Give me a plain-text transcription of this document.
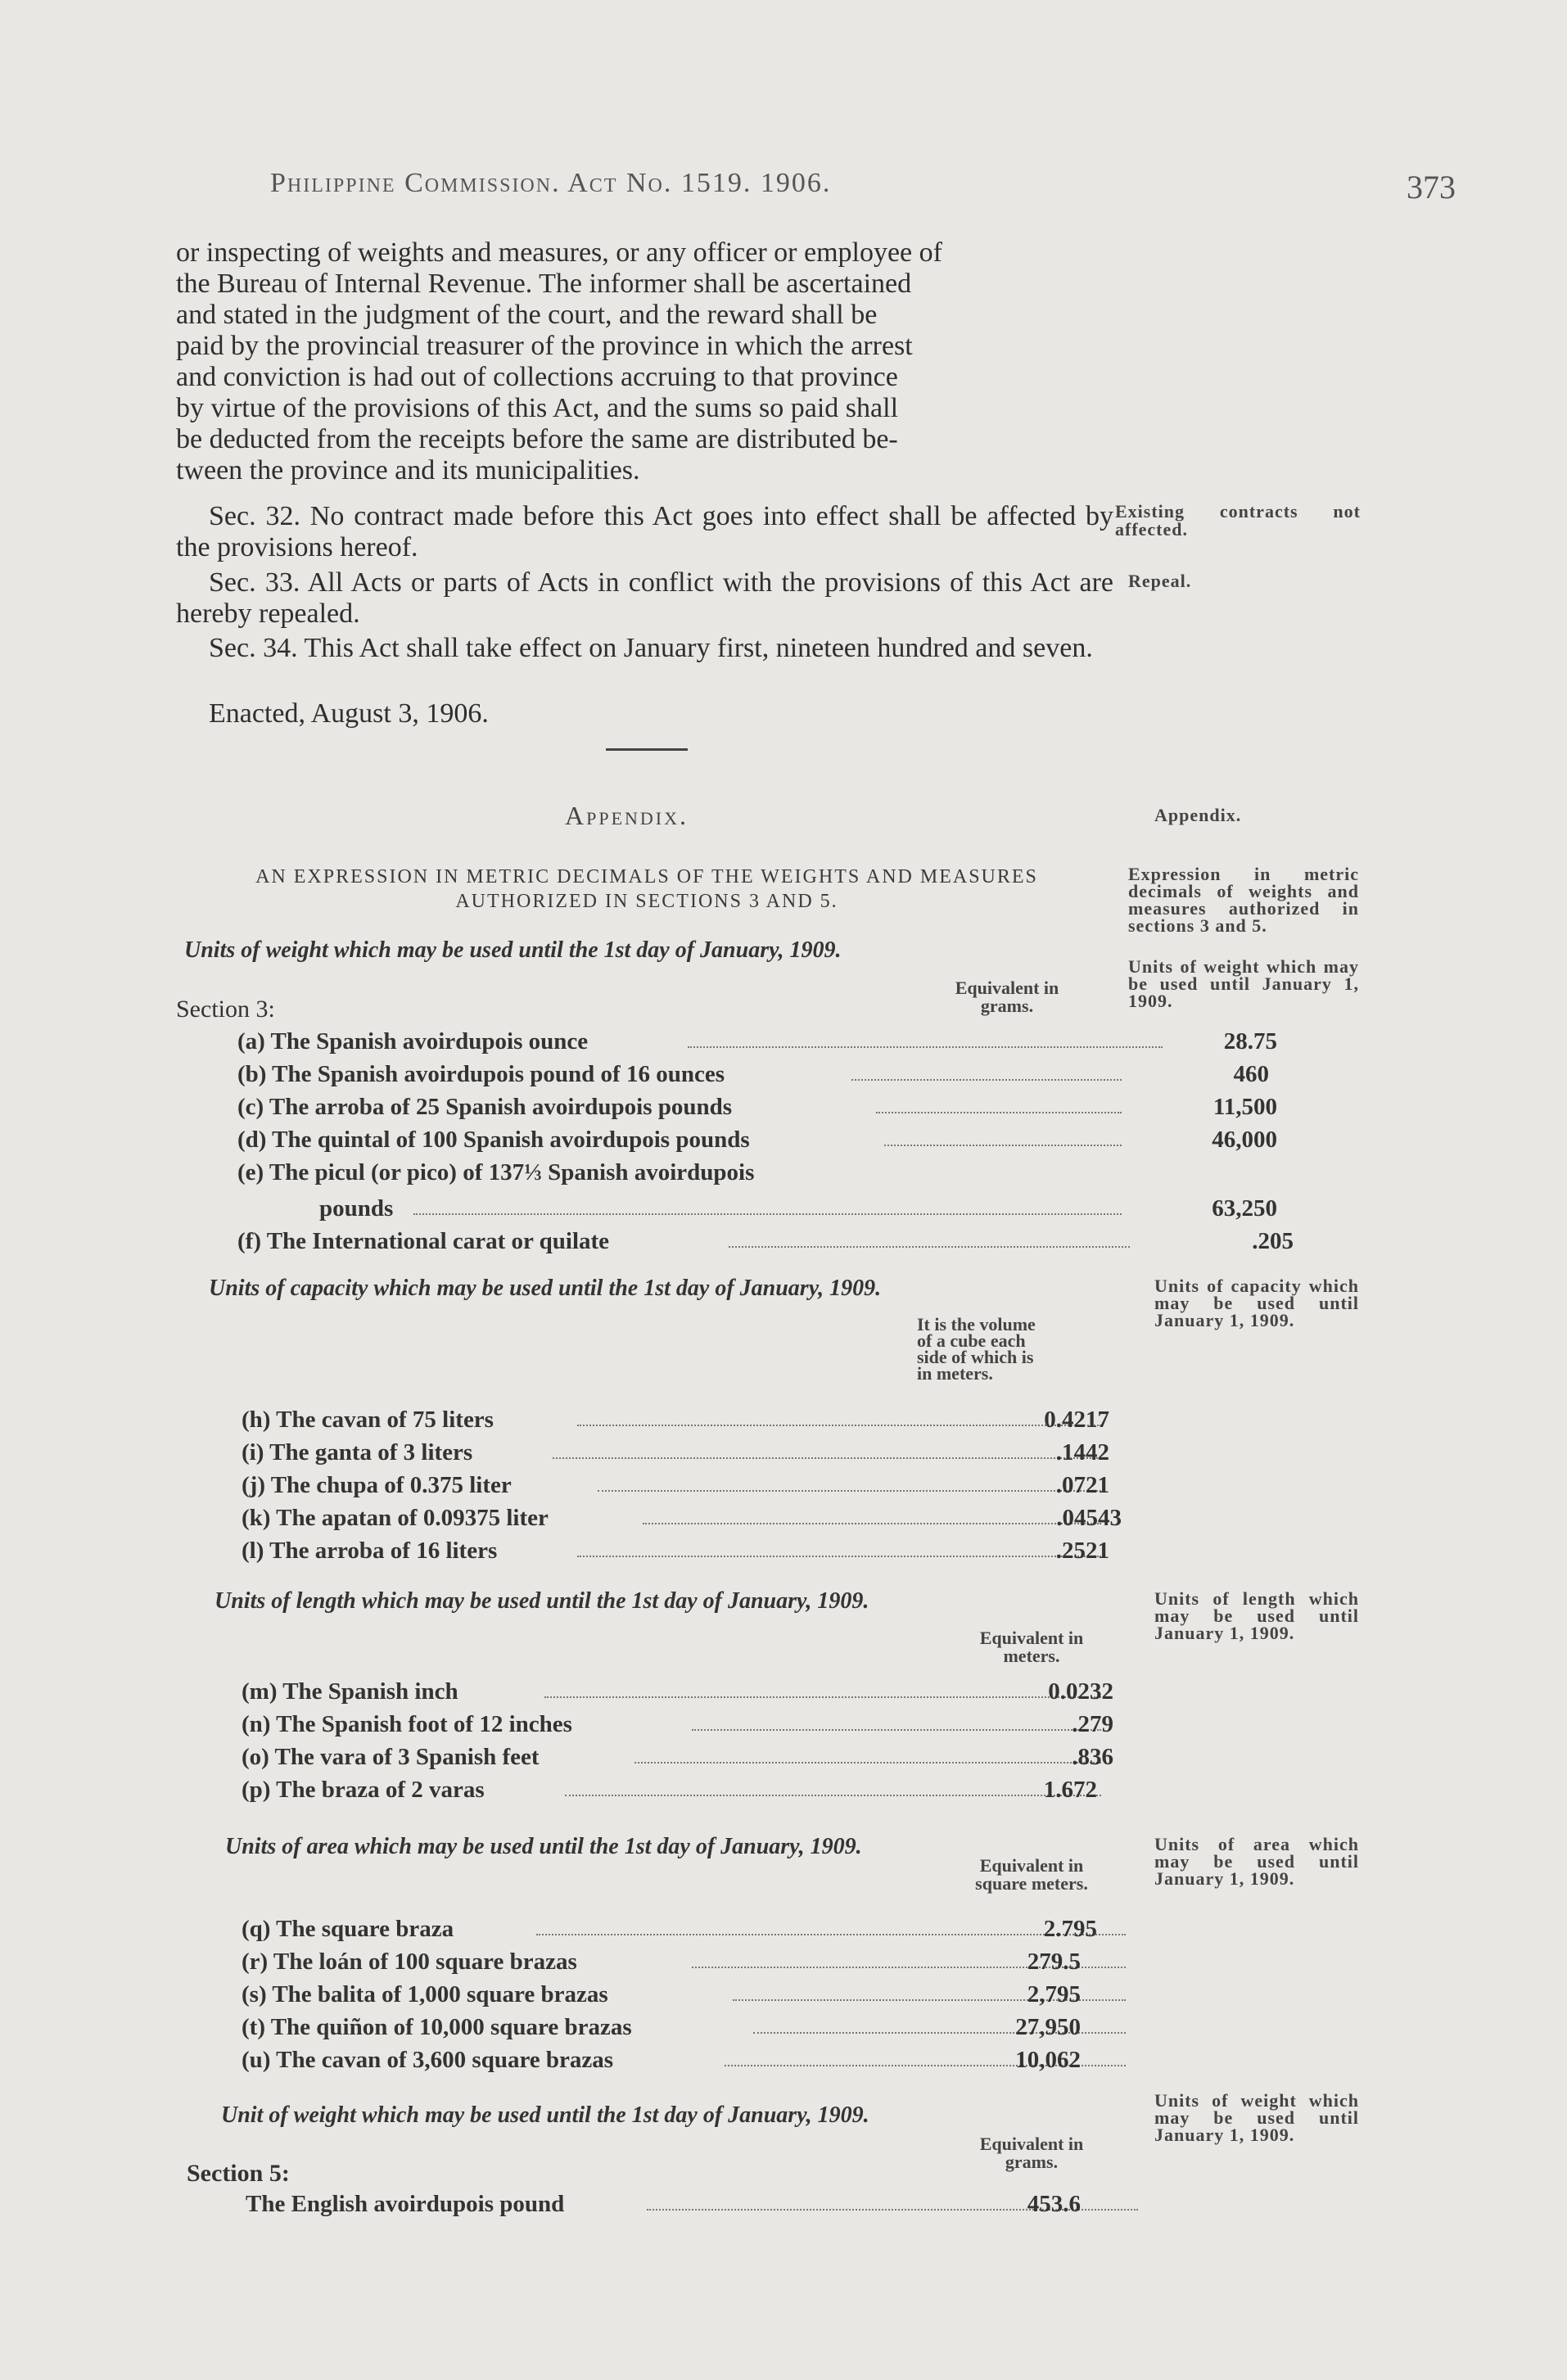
Philippine Commission. Act No. 1519. 1906.	373

or inspecting of weights and measures, or any officer or employee of

the Bureau of Internal Revenue. The informer shall be ascertained

and stated in the judgment of the court, and the reward shall be

paid by the provincial treasurer of the province in which the arrest

and conviction is had out of collections accruing to that province

by virtue of the provisions of this Act, and the sums so paid shall

be deducted from the receipts before the same are distributed be-

tween the province and its municipalities.

Sec. 32. No contract made before this Act goes into effect shall be affected by the provisions hereof.

Sec. 33. All Acts or parts of Acts in conflict with the provisions of this Act are hereby repealed.

Sec. 34. This Act shall take effect on January first, nineteen hundred and seven.

Enacted, August 3, 1906.

Existing contracts not affected.
Repeal.
Appendix.	Appendix.
AN EXPRESSION IN METRIC DECIMALS OF THE WEIGHTS AND MEASURES
AUTHORIZED IN SECTIONS 3 AND 5.
Expression in metric decimals of weights and measures authorized in sections 3 and 5.
Units of weight which may be used until January 1, 1909.
Units of weight which may be used until the 1st day of January, 1909.
Equivalent in
grams.
Section 3:
(a) The Spanish avoirdupois ounce	28.75
(b) The Spanish avoirdupois pound of 16 ounces	460
(c) The arroba of 25 Spanish avoirdupois pounds	11,500
(d) The quintal of 100 Spanish avoirdupois pounds	46,000
(e) The picul (or pico) of 137⅓ Spanish avoirdupois
pounds	63,250
(f) The International carat or quilate	.205
Units of capacity which may be used until the 1st day of January, 1909.	Units of capacity which may be used until January 1, 1909.
It is the volume
of a cube each
side of which is
in meters.
(h) The cavan of 75 liters	0.4217
(i) The ganta of 3 liters	.1442
(j) The chupa of 0.375 liter	.0721
(k) The apatan of 0.09375 liter	.04543
(l) The arroba of 16 liters	.2521
Units of length which may be used until the 1st day of January, 1909.	Units of length which may be used until January 1, 1909.
Equivalent in
meters.
(m) The Spanish inch	0.0232
(n) The Spanish foot of 12 inches	.279
(o) The vara of 3 Spanish feet	.836
(p) The braza of 2 varas	1.672
Units of area which may be used until the 1st day of January, 1909.	Units of area which may be used until January 1, 1909.
Equivalent in
square meters.
(q) The square braza	2.795
(r) The loán of 100 square brazas	279.5
(s) The balita of 1,000 square brazas	2,795
(t) The quiñon of 10,000 square brazas	27,950
(u) The cavan of 3,600 square brazas	10,062
Unit of weight which may be used until the 1st day of January, 1909.
Units of weight which may be used until January 1, 1909.
Equivalent in
grams.
Section 5:
The English avoirdupois pound	453.6
